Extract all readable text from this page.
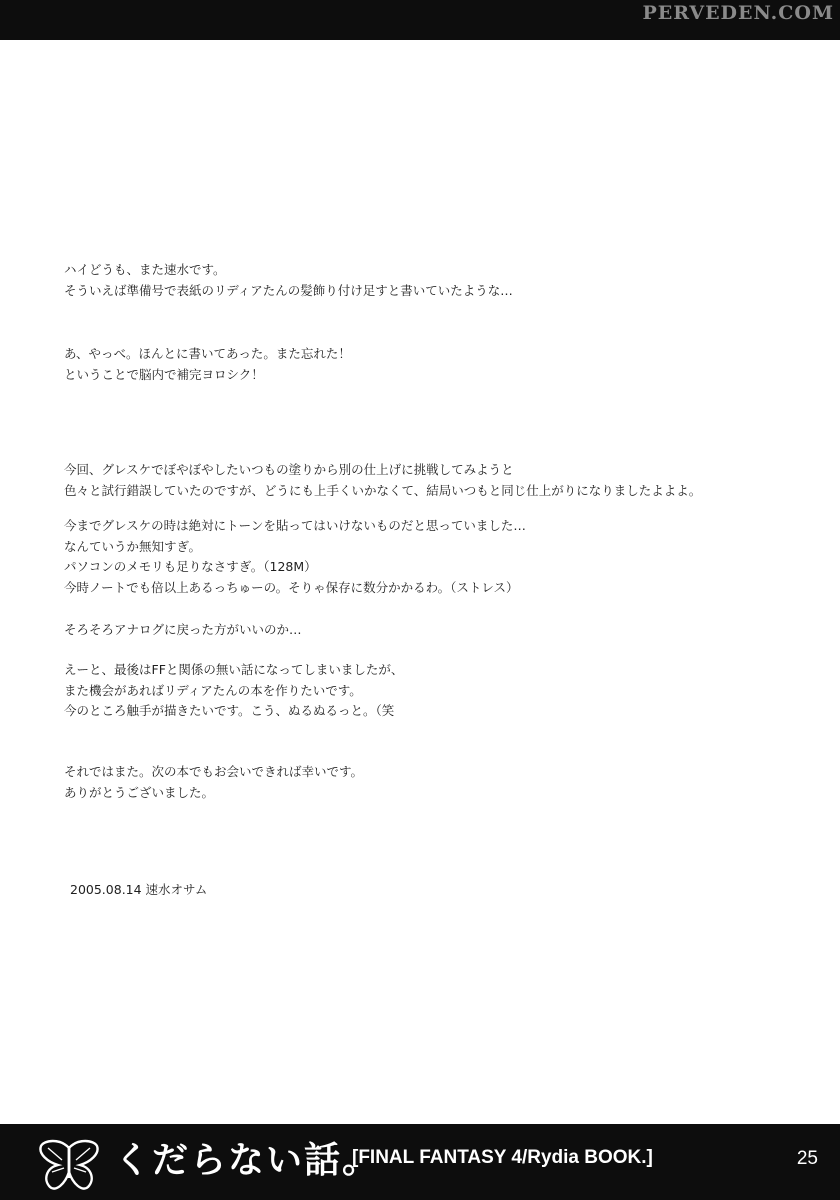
PERVEDEN.COM
ハイどうも、また速水です。
そういえば準備号で表紙のリディアたんの髪飾り付け足すと書いていたような…
あ、やっべ。ほんとに書いてあった。また忘れた！
ということで脳内で補完ヨロシク！
今回、グレスケでぼやぼやしたいつもの塗りから別の仕上げに挑戦してみようと
色々と試行錯誤していたのですが、どうにも上手くいかなくて、結局いつもと同じ仕上がりになりましたよよよ。
今までグレスケの時は絶対にトーンを貼ってはいけないものだと思っていました…
なんていうか無知すぎ。
パソコンのメモリも足りなさすぎ。（128M）
今時ノートでも倍以上あるっちゅーの。そりゃ保存に数分かかるわ。（ストレス）
そろそろアナログに戻った方がいいのか…
えーと、最後はFFと関係の無い話になってしまいましたが、
また機会があればリディアたんの本を作りたいです。
今のところ触手が描きたいです。こう、ぬるぬるっと。（笑
それではまた。次の本でもお会いできれば幸いです。
ありがとうございました。
2005.08.14 速水オサム
くだらない話。
[FINAL FANTASY 4/Rydia BOOK.]	25
